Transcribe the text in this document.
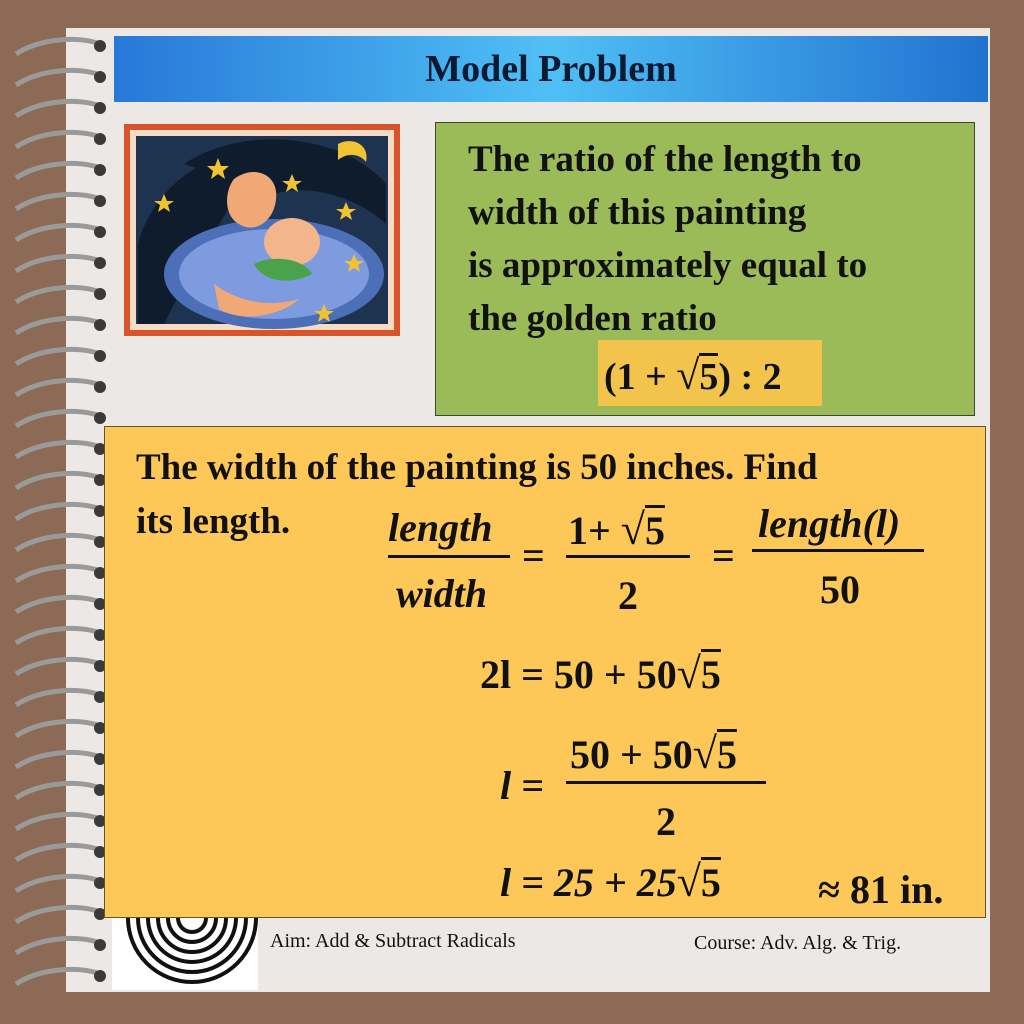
Model Problem
The ratio of the length to
width of this painting
is approximately equal to
the golden ratio
(1 + √5) : 2
The width of the painting is 50 inches. Find
its length. length
width
=
1+ √5
2
=
length(l)
50
2l = 50 + 50√5
l =
50 + 50√5
2
l = 25 + 25√5 ≈ 81 in.
Aim: Add & Subtract Radicals	Course: Adv. Alg. & Trig.
